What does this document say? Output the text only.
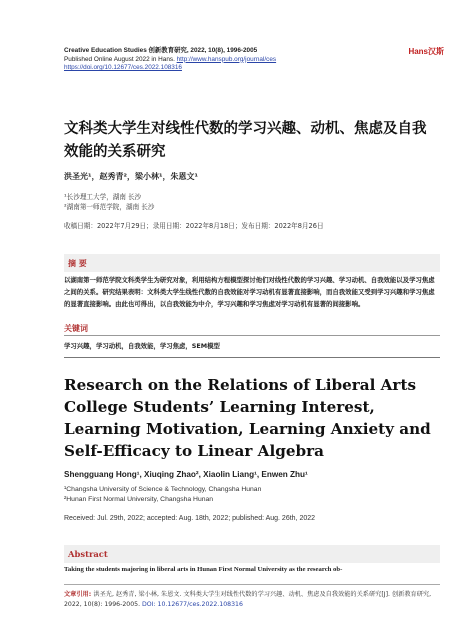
Creative Education Studies 创新教育研究, 2022, 10(8), 1996-2005
Published Online August 2022 in Hans. http://www.hanspub.org/journal/ces
https://doi.org/10.12677/ces.2022.108316
Hans汉斯
文科类大学生对线性代数的学习兴趣、动机、焦虑及自我效能的关系研究
洪圣光¹，赵秀青²，梁小林¹，朱恩文¹
¹长沙理工大学，湖南 长沙
²湖南第一师范学院，湖南 长沙
收稿日期：2022年7月29日；录用日期：2022年8月18日；发布日期：2022年8月26日
摘 要
以湖南第一师范学院文科类学生为研究对象，利用结构方程模型探讨他们对线性代数的学习兴趣、学习动机、自我效能以及学习焦虑之间的关系。研究结果表明：文科类大学生线性代数的自我效能对学习动机有显著直接影响，而自我效能又受到学习兴趣和学习焦虑的显著直接影响。由此也可得出，以自我效能为中介，学习兴趣和学习焦虑对学习动机有显著的间接影响。
关键词
学习兴趣，学习动机，自我效能，学习焦虑，SEM模型
Research on the Relations of Liberal Arts College Students’ Learning Interest, Learning Motivation, Learning Anxiety and Self-Efficacy to Linear Algebra
Shengguang Hong¹, Xiuqing Zhao², Xiaolin Liang¹, Enwen Zhu¹
¹Changsha University of Science & Technology, Changsha Hunan
²Hunan First Normal University, Changsha Hunan
Received: Jul. 29th, 2022; accepted: Aug. 18th, 2022; published: Aug. 26th, 2022
Abstract
Taking the students majoring in liberal arts in Hunan First Normal University as the research ob-
文章引用: 洪圣光, 赵秀青, 梁小林, 朱恩文. 文科类大学生对线性代数的学习兴趣、动机、焦虑及自我效能的关系研究[J]. 创新教育研究, 2022, 10(8): 1996-2005. DOI: 10.12677/ces.2022.108316
